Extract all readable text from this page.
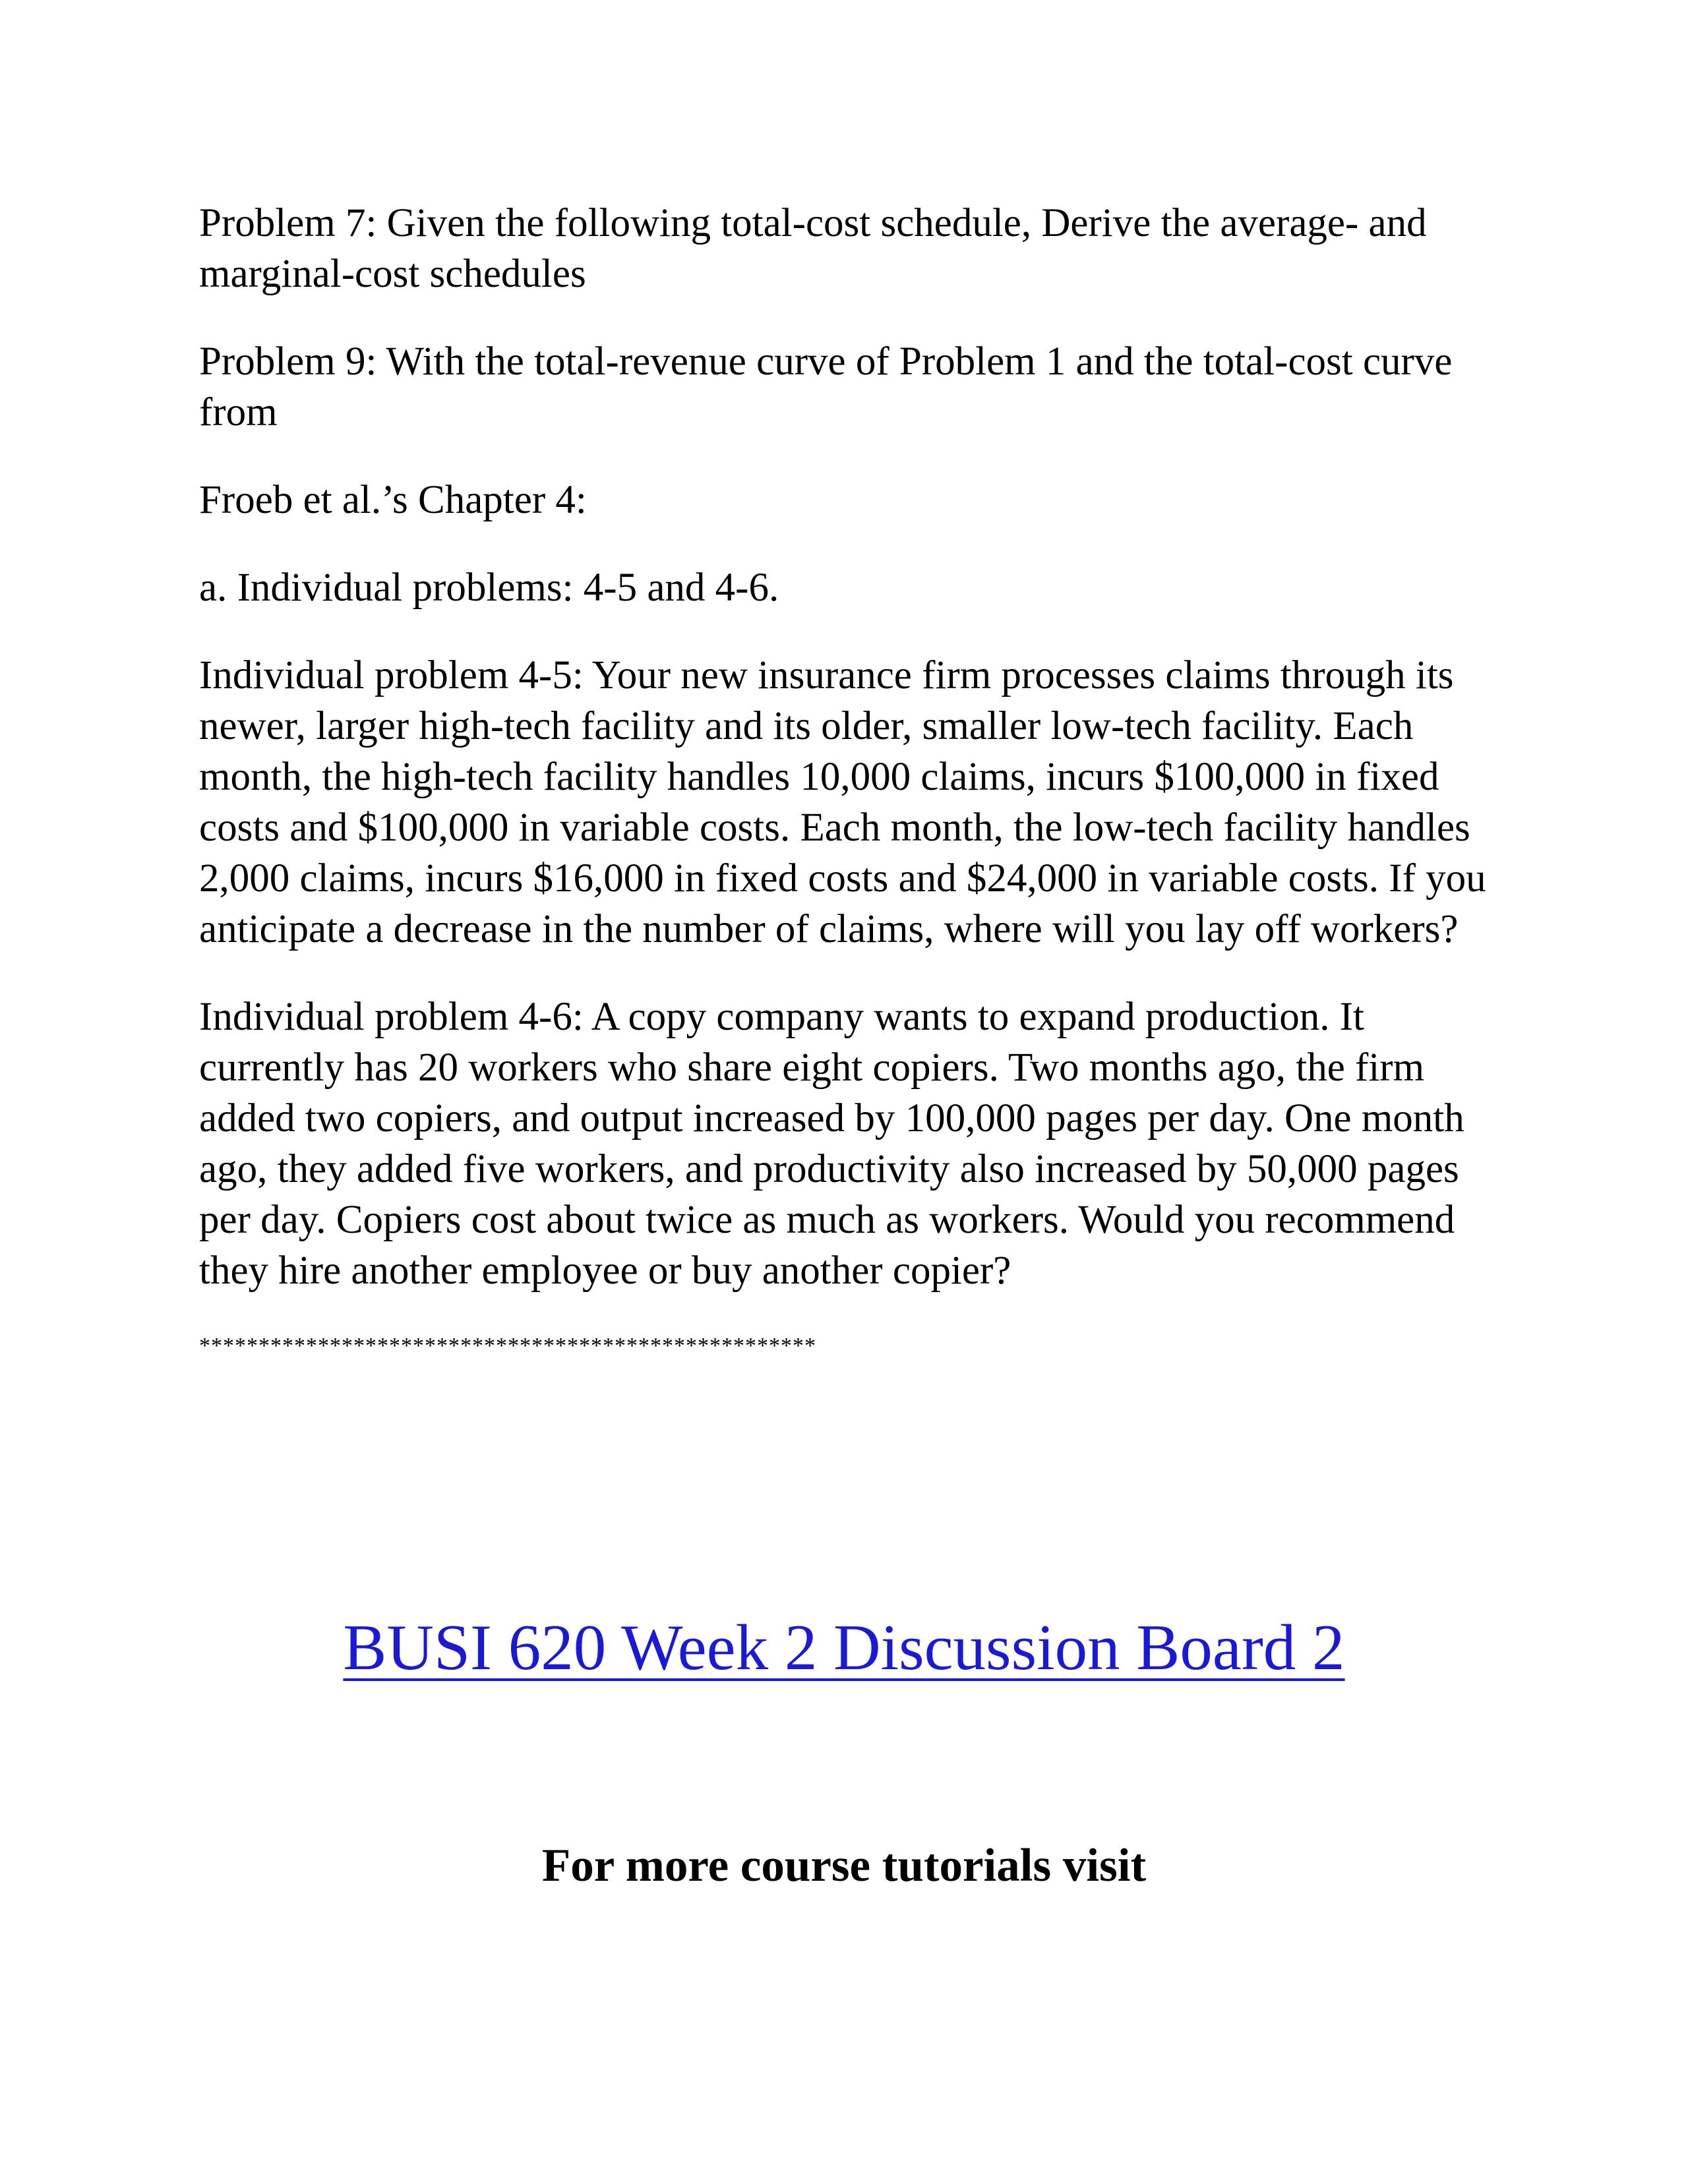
Problem 7: Given the following total-cost schedule, Derive the average- and marginal-cost schedules

Problem 9: With the total-revenue curve of Problem 1 and the total-cost curve from

Froeb et al.’s Chapter 4:

a. Individual problems: 4-5 and 4-6.

Individual problem 4-5: Your new insurance firm processes claims through its newer, larger high-tech facility and its older, smaller low-tech facility. Each month, the high-tech facility handles 10,000 claims, incurs $100,000 in fixed costs and $100,000 in variable costs. Each month, the low-tech facility handles 2,000 claims, incurs $16,000 in fixed costs and $24,000 in variable costs. If you anticipate a decrease in the number of claims, where will you lay off workers?

Individual problem 4-6: A copy company wants to expand production. It currently has 20 workers who share eight copiers. Two months ago, the firm added two copiers, and output increased by 100,000 pages per day. One month ago, they added five workers, and productivity also increased by 50,000 pages per day. Copiers cost about twice as much as workers. Would you recommend they hire another employee or buy another copier?

****************************************************
BUSI 620 Week 2 Discussion Board 2
For more course tutorials visit
